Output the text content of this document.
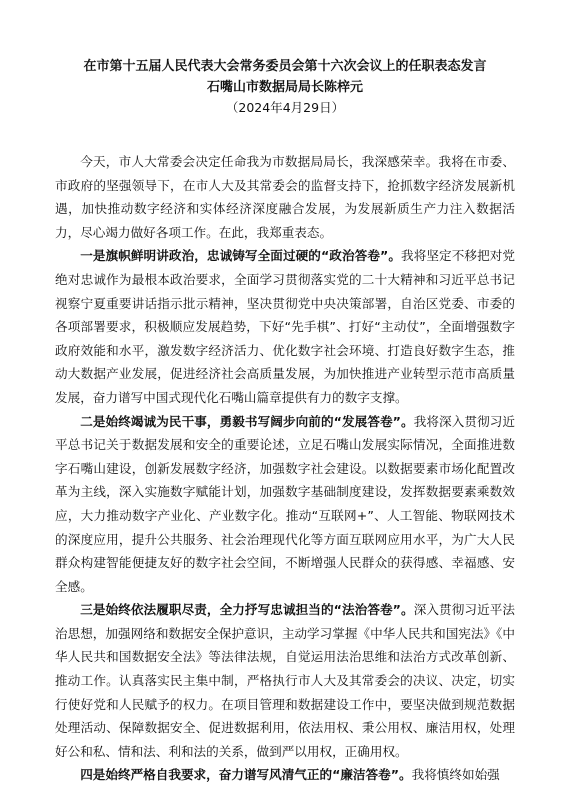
在市第十五届人民代表大会常务委员会第十六次会议上的任职表态发言
石嘴山市数据局局长陈梓元
（2024年4月29日）

今天，市人大常委会决定任命我为市数据局局长，我深感荣幸。我将在市委、市政府的坚强领导下，在市人大及其常委会的监督支持下，抢抓数字经济发展新机遇，加快推动数字经济和实体经济深度融合发展，为发展新质生产力注入数据活力，尽心竭力做好各项工作。在此，我郑重表态。

一是旗帜鲜明讲政治，忠诚铸写全面过硬的“政治答卷”。我将坚定不移把对党绝对忠诚作为最根本政治要求，全面学习贯彻落实党的二十大精神和习近平总书记视察宁夏重要讲话指示批示精神，坚决贯彻党中央决策部署，自治区党委、市委的各项部署要求，积极顺应发展趋势，下好“先手棋”、打好“主动仗”，全面增强数字政府效能和水平，激发数字经济活力、优化数字社会环境、打造良好数字生态，推动大数据产业发展，促进经济社会高质量发展，为加快推进产业转型示范市高质量发展，奋力谱写中国式现代化石嘴山篇章提供有力的数字支撑。

二是始终竭诚为民干事，勇毅书写阔步向前的“发展答卷”。我将深入贯彻习近平总书记关于数据发展和安全的重要论述，立足石嘴山发展实际情况，全面推进数字石嘴山建设，创新发展数字经济，加强数字社会建设。以数据要素市场化配置改革为主线，深入实施数字赋能计划，加强数字基础制度建设，发挥数据要素乘数效应，大力推动数字产业化、产业数字化。推动“互联网+”、人工智能、物联网技术的深度应用，提升公共服务、社会治理现代化等方面互联网应用水平，为广大人民群众构建智能便捷友好的数字社会空间，不断增强人民群众的获得感、幸福感、安全感。

三是始终依法履职尽责，全力抒写忠诚担当的“法治答卷”。深入贯彻习近平法治思想，加强网络和数据安全保护意识，主动学习掌握《中华人民共和国宪法》《中华人民共和国数据安全法》等法律法规，自觉运用法治思维和法治方式改革创新、推动工作。认真落实民主集中制，严格执行市人大及其常委会的决议、决定，切实行使好党和人民赋予的权力。在项目管理和数据建设工作中，要坚决做到规范数据处理活动、保障数据安全、促进数据利用，依法用权、秉公用权、廉洁用权，处理好公和私、情和法、利和法的关系，做到严以用权，正确用权。

四是始终严格自我要求，奋力谱写风清气正的“廉洁答卷”。我将慎终如始强
